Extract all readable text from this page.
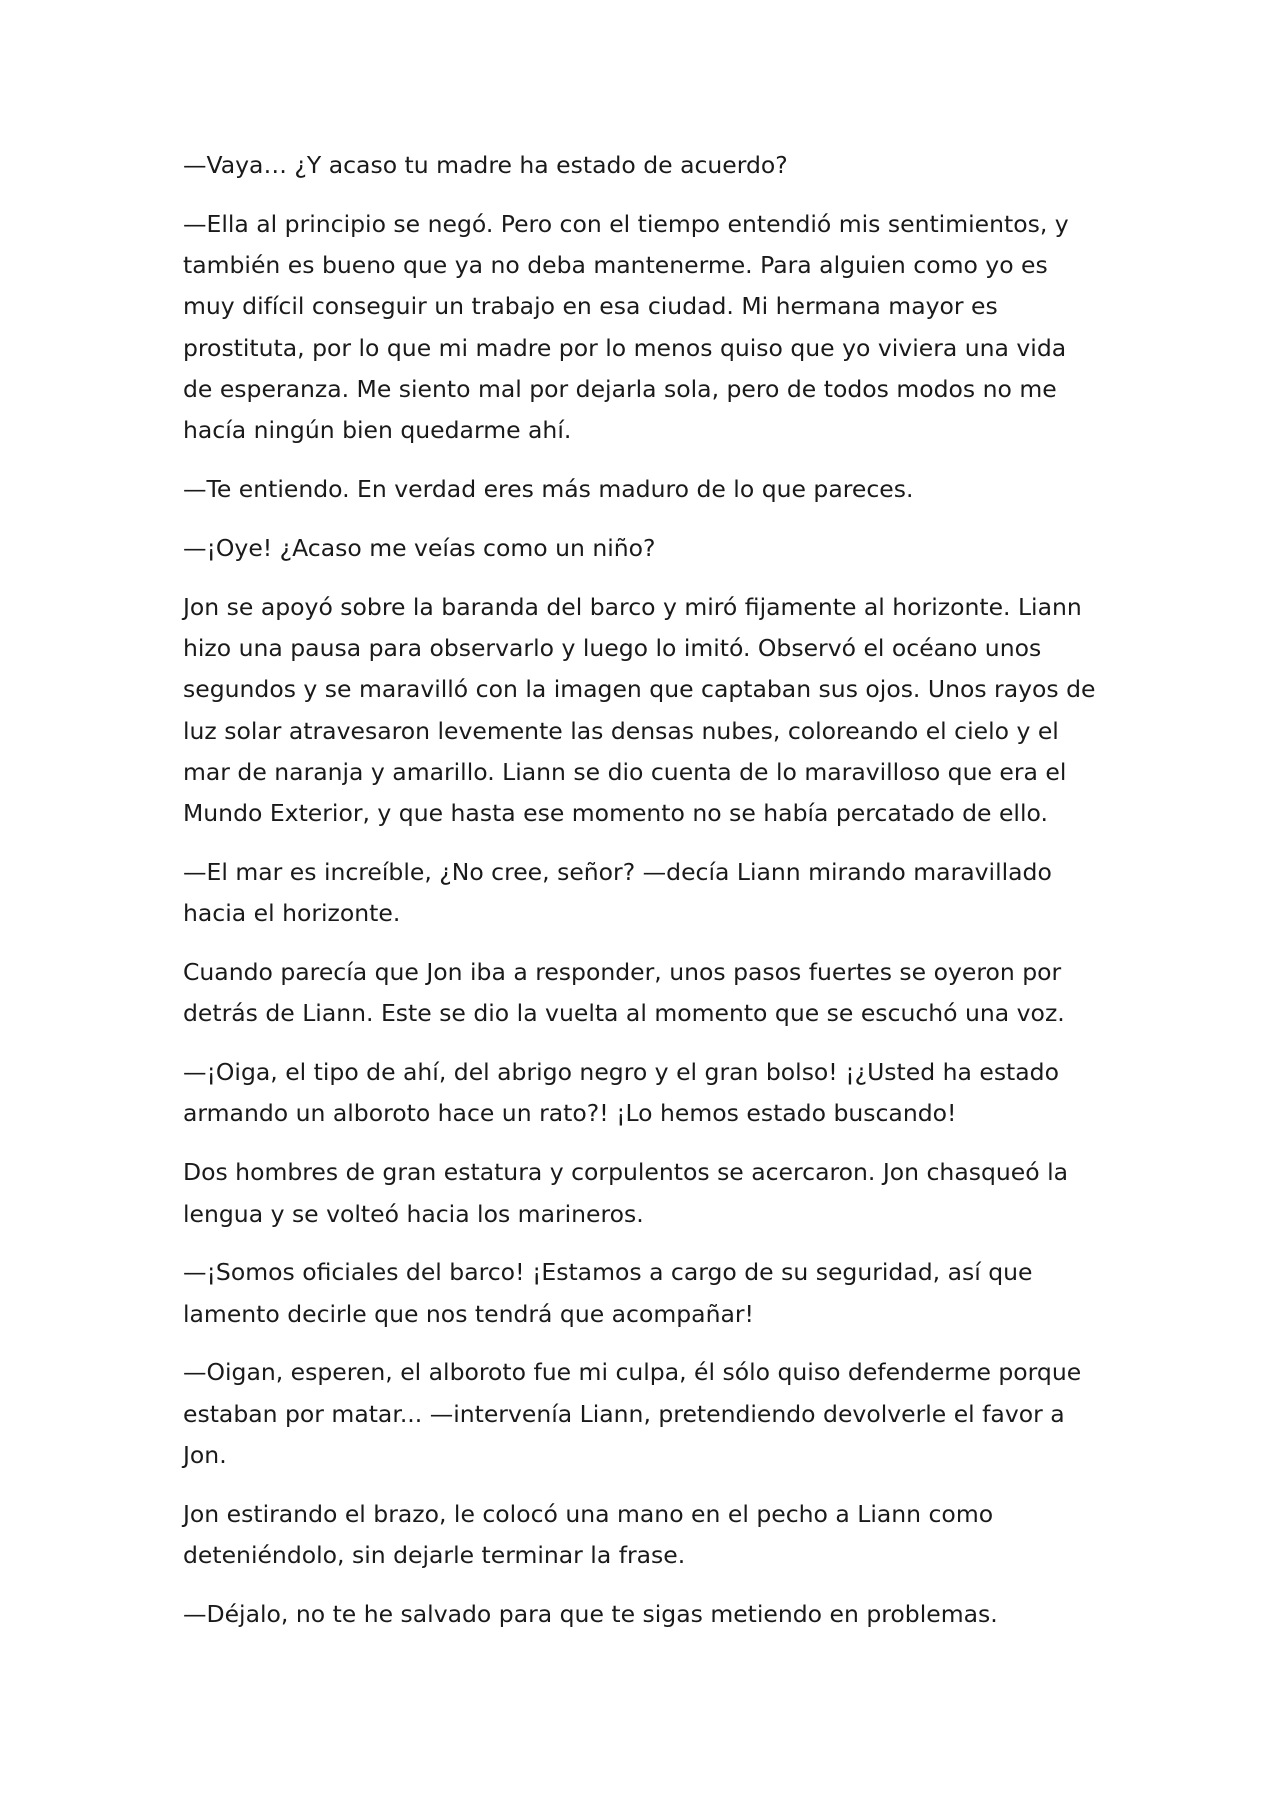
—Vaya… ¿Y acaso tu madre ha estado de acuerdo?

—Ella al principio se negó. Pero con el tiempo entendió mis sentimientos, y también es bueno que ya no deba mantenerme. Para alguien como yo es muy difícil conseguir un trabajo en esa ciudad. Mi hermana mayor es prostituta, por lo que mi madre por lo menos quiso que yo viviera una vida de esperanza. Me siento mal por dejarla sola, pero de todos modos no me hacía ningún bien quedarme ahí.

—Te entiendo. En verdad eres más maduro de lo que pareces.

—¡Oye! ¿Acaso me veías como un niño?

Jon se apoyó sobre la baranda del barco y miró fijamente al horizonte. Liann hizo una pausa para observarlo y luego lo imitó. Observó el océano unos segundos y se maravilló con la imagen que captaban sus ojos. Unos rayos de luz solar atravesaron levemente las densas nubes, coloreando el cielo y el mar de naranja y amarillo. Liann se dio cuenta de lo maravilloso que era el Mundo Exterior, y que hasta ese momento no se había percatado de ello.

—El mar es increíble, ¿No cree, señor? —decía Liann mirando maravillado hacia el horizonte.

Cuando parecía que Jon iba a responder, unos pasos fuertes se oyeron por detrás de Liann. Este se dio la vuelta al momento que se escuchó una voz.

—¡Oiga, el tipo de ahí, del abrigo negro y el gran bolso! ¡¿Usted ha estado armando un alboroto hace un rato?! ¡Lo hemos estado buscando!

Dos hombres de gran estatura y corpulentos se acercaron. Jon chasqueó la lengua y se volteó hacia los marineros.

—¡Somos oficiales del barco! ¡Estamos a cargo de su seguridad, así que lamento decirle que nos tendrá que acompañar!

—Oigan, esperen, el alboroto fue mi culpa, él sólo quiso defenderme porque estaban por matar... —intervenía Liann, pretendiendo devolverle el favor a Jon.

Jon estirando el brazo, le colocó una mano en el pecho a Liann como deteniéndolo, sin dejarle terminar la frase.

—Déjalo, no te he salvado para que te sigas metiendo en problemas.
